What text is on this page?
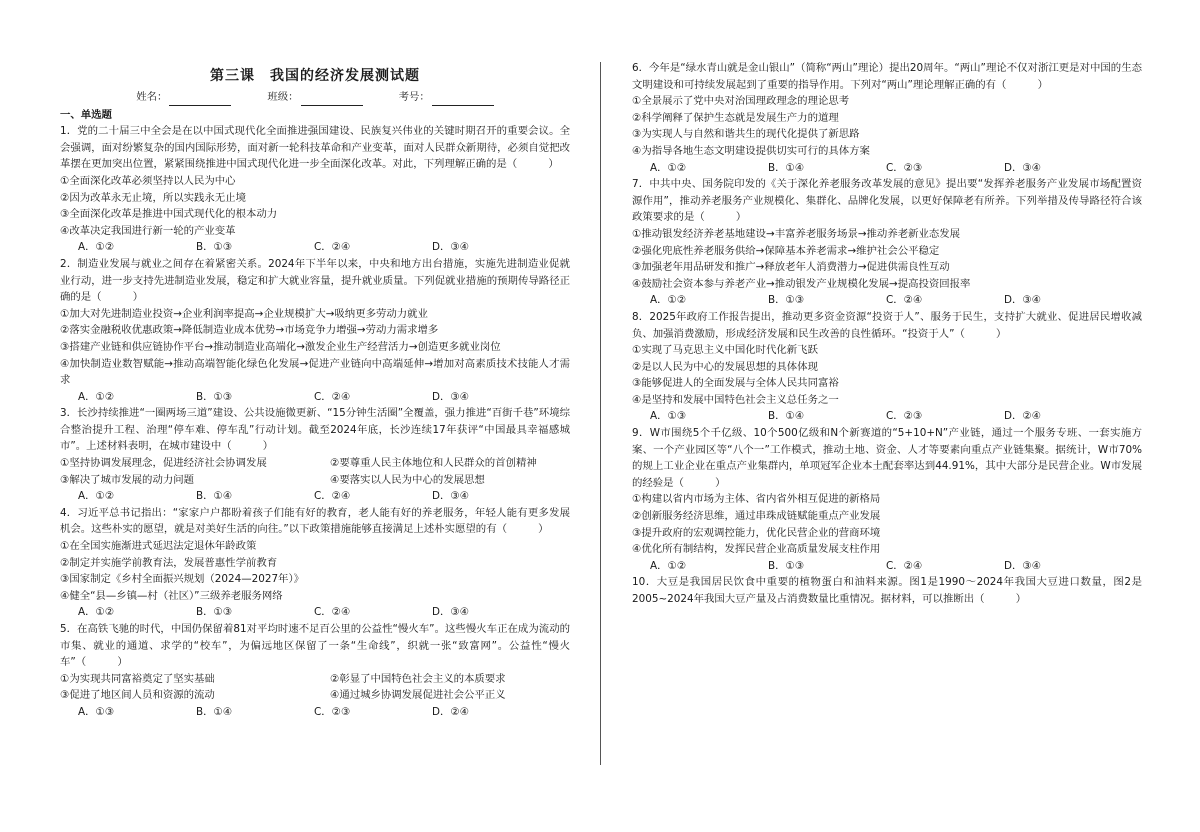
第三课　我国的经济发展测试题
姓名：	班级：	考号：

一、单选题

1．党的二十届三中全会是在以中国式现代化全面推进强国建设、民族复兴伟业的关键时期召开的重要会议。全会强调，面对纷繁复杂的国内国际形势，面对新一轮科技革命和产业变革，面对人民群众新期待，必须自觉把改革摆在更加突出位置，紧紧围绕推进中国式现代化进一步全面深化改革。对此，下列理解正确的是（　　　）

①全面深化改革必须坚持以人民为中心

②因为改革永无止境，所以实践永无止境

③全面深化改革是推进中国式现代化的根本动力

④改革决定我国进行新一轮的产业变革

A．①②	B．①③	C．②④	D．③④

2．制造业发展与就业之间存在着紧密关系。2024年下半年以来，中央和地方出台措施，实施先进制造业促就业行动，进一步支持先进制造业发展，稳定和扩大就业容量，提升就业质量。下列促就业措施的预期传导路径正确的是（　　　）

①加大对先进制造业投资→企业利润率提高→企业规模扩大→吸纳更多劳动力就业

②落实金融税收优惠政策→降低制造业成本优势→市场竞争力增强→劳动力需求增多

③搭建产业链和供应链协作平台→推动制造业高端化→激发企业生产经营活力→创造更多就业岗位

④加快制造业数智赋能→推动高端智能化绿色化发展→促进产业链向中高端延伸→增加对高素质技术技能人才需求

A．①②	B．①③	C．②④	D．③④

3．长沙持续推进“一圈两场三道”建设、公共设施微更新、“15分钟生活圈”全覆盖，强力推进“百街千巷”环境综合整治提升工程、治理“停车难、停车乱”行动计划。截至2024年底，长沙连续17年获评“中国最具幸福感城市”。上述材料表明，在城市建设中（　　　）

①坚持协调发展理念，促进经济社会协调发展	②要尊重人民主体地位和人民群众的首创精神
③解决了城市发展的动力问题	④要落实以人民为中心的发展思想
A．①②	B．①④	C．②④	D．③④

4．习近平总书记指出：“家家户户都盼着孩子们能有好的教育，老人能有好的养老服务，年轻人能有更多发展机会。这些朴实的愿望，就是对美好生活的向往。”以下政策措施能够直接满足上述朴实愿望的有（　　　）

①在全国实施渐进式延迟法定退休年龄政策

②制定并实施学前教育法，发展普惠性学前教育

③国家制定《乡村全面振兴规划（2024—2027年）》

④健全“县—乡镇—村（社区）”三级养老服务网络

A．①②	B．①③	C．②④	D．③④

5．在高铁飞驰的时代，中国仍保留着81对平均时速不足百公里的公益性“慢火车”。这些慢火车正在成为流动的市集、就业的通道、求学的“校车”，为偏远地区保留了一条“生命线”，织就一张“致富网”。公益性“慢火车”（　　　）

①为实现共同富裕奠定了坚实基础	②彰显了中国特色社会主义的本质要求
③促进了地区间人员和资源的流动	④通过城乡协调发展促进社会公平正义
A．①③	B．①④	C．②③	D．②④

6．今年是“绿水青山就是金山银山”（简称“两山”理论）提出20周年。“两山”理论不仅对浙江更是对中国的生态文明建设和可持续发展起到了重要的指导作用。下列对“两山”理论理解正确的有（　　　）

①全景展示了党中央对治国理政理念的理论思考

②科学阐释了保护生态就是发展生产力的道理

③为实现人与自然和谐共生的现代化提供了新思路

④为指导各地生态文明建设提供切实可行的具体方案

A．①②	B．①④	C．②③	D．③④

7．中共中央、国务院印发的《关于深化养老服务改革发展的意见》提出要“发挥养老服务产业发展市场配置资源作用”，推动养老服务产业规模化、集群化、品牌化发展，以更好保障老有所养。下列举措及传导路径符合该政策要求的是（　　　）

①推动银发经济养老基地建设→丰富养老服务场景→推动养老新业态发展

②强化兜底性养老服务供给→保障基本养老需求→维护社会公平稳定

③加强老年用品研发和推广→释放老年人消费潜力→促进供需良性互动

④鼓励社会资本参与养老产业→推动银发产业规模化发展→提高投资回报率

A．①②	B．①③	C．②④	D．③④

8．2025年政府工作报告提出，推动更多资金资源“投资于人”、服务于民生，支持扩大就业、促进居民增收减负、加强消费激励，形成经济发展和民生改善的良性循环。“投资于人”（　　　）

①实现了马克思主义中国化时代化新飞跃

②是以人民为中心的发展思想的具体体现

③能够促进人的全面发展与全体人民共同富裕

④是坚持和发展中国特色社会主义总任务之一

A．①③	B．①④	C．②③	D．②④

9．W市围绕5个千亿级、10个500亿级和N个新赛道的“5+10+N”产业链，通过一个服务专班、一套实施方案、一个产业园区等“八个一”工作模式，推动土地、资金、人才等要素向重点产业链集聚。据统计，W市70%的规上工业企业在重点产业集群内，单项冠军企业本土配套率达到44.91%，其中大部分是民营企业。W市发展的经验是（　　　）

①构建以省内市场为主体、省内省外相互促进的新格局

②创新服务经济思维，通过串珠成链赋能重点产业发展

③提升政府的宏观调控能力，优化民营企业的营商环境

④优化所有制结构，发挥民营企业高质量发展支柱作用

A．①②	B．①③	C．②④	D．③④

10．大豆是我国居民饮食中重要的植物蛋白和油料来源。图1是1990～2024年我国大豆进口数量，图2是2005~2024年我国大豆产量及占消费数量比重情况。据材料，可以推断出（　　　）
